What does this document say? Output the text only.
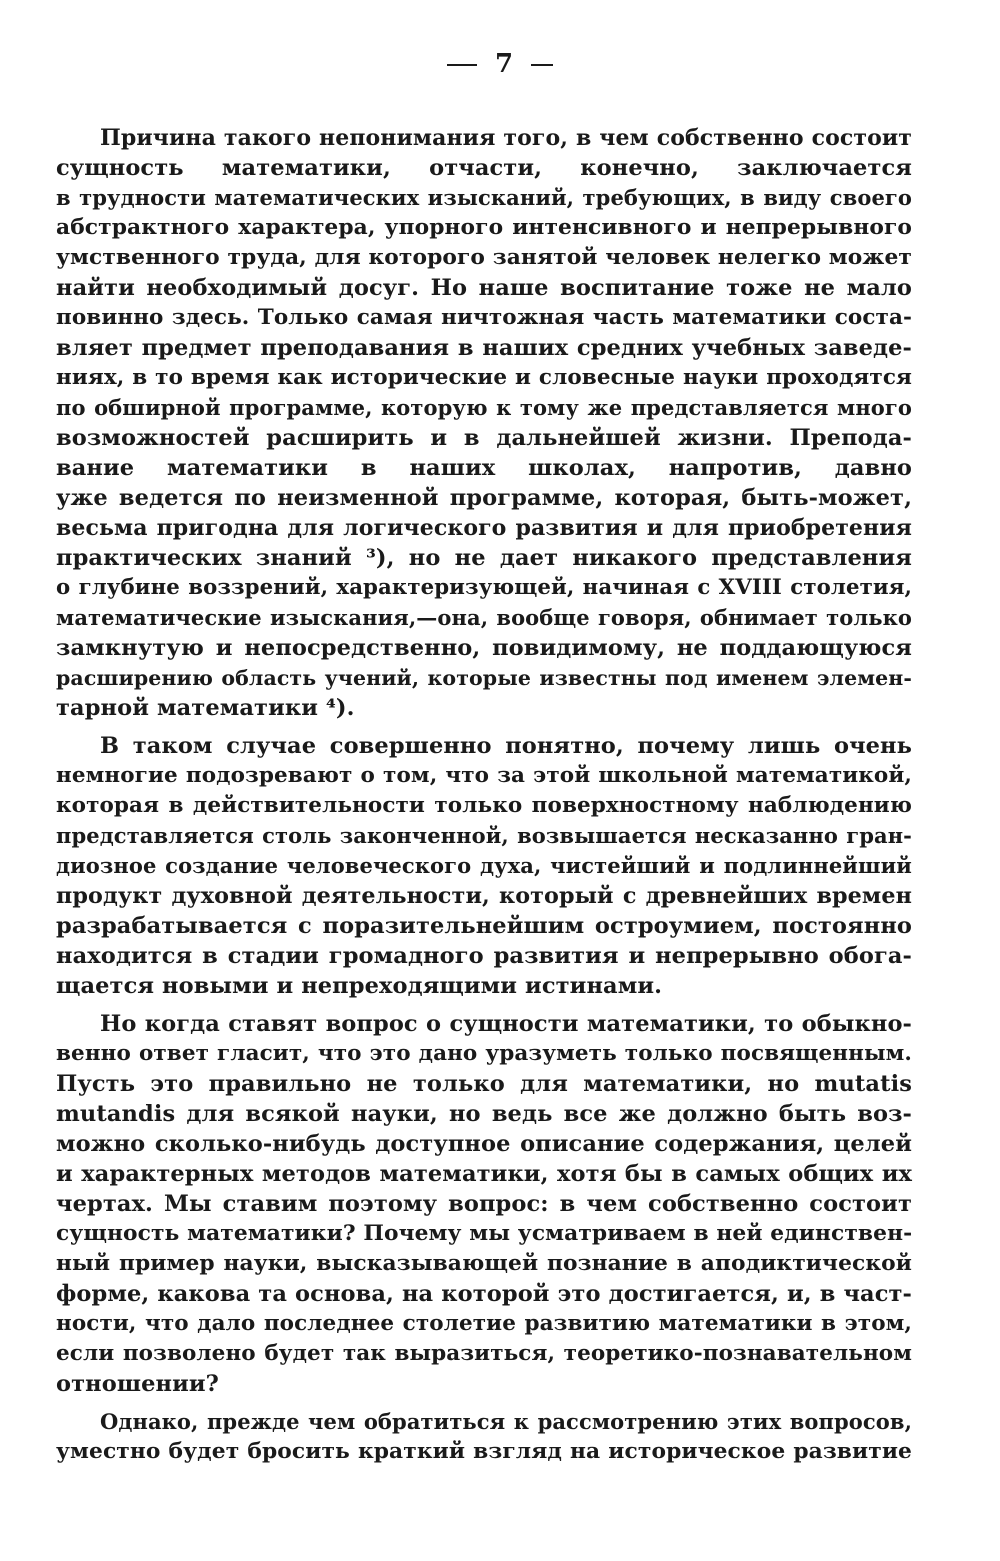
7
Причина такого непонимания того, в чем собственно состоит
сущность математики, отчасти, конечно, заключается
в трудности математических изысканий, требующих, в виду своего
абстрактного характера, упорного интенсивного и непрерывного
умственного труда, для которого занятой человек нелегко может
найти необходимый досуг. Но наше воспитание тоже не мало
повинно здесь. Только самая ничтожная часть математики соста-
вляет предмет преподавания в наших средних учебных заведе-
ниях, в то время как исторические и словесные науки проходятся
по обширной программе, которую к тому же представляется много
возможностей расширить и в дальнейшей жизни. Препода-
вание математики в наших школах, напротив, давно
уже ведется по неизменной программе, которая, быть-может,
весьма пригодна для логического развития и для приобретения
практических знаний ³), но не дает никакого представления
о глубине воззрений, характеризующей, начиная с XVIII столетия,
математические изыскания,—она, вообще говоря, обнимает только
замкнутую и непосредственно, повидимому, не поддающуюся
расширению область учений, которые известны под именем элемен-
тарной математики ⁴).
В таком случае совершенно понятно, почему лишь очень
немногие подозревают о том, что за этой школьной математикой,
которая в действительности только поверхностному наблюдению
представляется столь законченной, возвышается несказанно гран-
диозное создание человеческого духа, чистейший и подлиннейший
продукт духовной деятельности, который с древнейших времен
разрабатывается с поразительнейшим остроумием, постоянно
находится в стадии громадного развития и непрерывно обога-
щается новыми и непреходящими истинами.
Но когда ставят вопрос о сущности математики, то обыкно-
венно ответ гласит, что это дано уразуметь только посвященным.
Пусть это правильно не только для математики, но mutatis
mutandis для всякой науки, но ведь все же должно быть воз-
можно сколько-нибудь доступное описание содержания, целей
и характерных методов математики, хотя бы в самых общих их
чертах. Мы ставим поэтому вопрос: в чем собственно состоит
сущность математики? Почему мы усматриваем в ней единствен-
ный пример науки, высказывающей познание в аподиктической
форме, какова та основа, на которой это достигается, и, в част-
ности, что дало последнее столетие развитию математики в этом,
если позволено будет так выразиться, теоретико-познавательном
отношении?
Однако, прежде чем обратиться к рассмотрению этих вопросов,
уместно будет бросить краткий взгляд на историческое развитие
